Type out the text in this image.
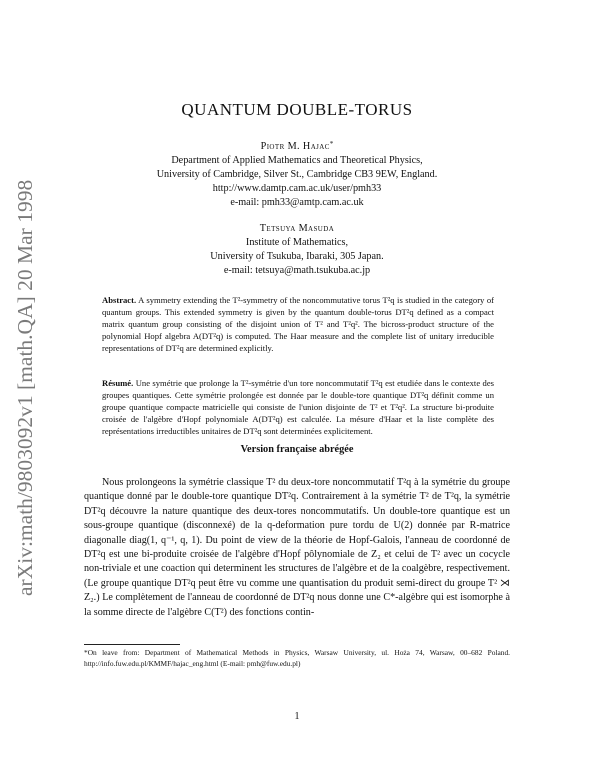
arXiv:math/9803092v1 [math.QA] 20 Mar 1998
QUANTUM DOUBLE-TORUS
Piotr M. Hajac*
Department of Applied Mathematics and Theoretical Physics,
University of Cambridge, Silver St., Cambridge CB3 9EW, England.
http://www.damtp.cam.ac.uk/user/pmh33
e-mail: pmh33@amtp.cam.ac.uk
Tetsuya Masuda
Institute of Mathematics,
University of Tsukuba, Ibaraki, 305 Japan.
e-mail: tetsuya@math.tsukuba.ac.jp
Abstract. A symmetry extending the T²-symmetry of the noncommutative torus T²q is studied in the category of quantum groups. This extended symmetry is given by the quantum double-torus DT²q defined as a compact matrix quantum group consisting of the disjoint union of T² and T²q². The bicross-product structure of the polynomial Hopf algebra A(DT²q) is computed. The Haar measure and the complete list of unitary irreducible representations of DT²q are determined explicitly.
Résumé. Une symétrie que prolonge la T²-symétrie d'un tore noncommutatif T²q est etudiée dans le contexte des groupes quantiques. Cette symétrie prolongée est donnée par le double-tore quantique DT²q définit comme un groupe quantique compacte matricielle qui consiste de l'union disjointe de T² et T²q². La structure bi-produite croisée de l'algèbre d'Hopf polynomiale A(DT²q) est calculée. La mésure d'Haar et la liste complète des représentations irreductibles unitaires de DT²q sont determinées explicitement.
Version française abrégée

Nous prolongeons la symétrie classique T² du deux-tore noncommutatif T²q à la symétrie du groupe quantique donné par le double-tore quantique DT²q. Contrairement à la symétrie T² de T²q, la symétrie DT²q découvre la nature quantique des deux-tores noncommutatifs. Un double-tore quantique est un sous-groupe quantique (disconnexé) de la q-deformation pure tordu de U(2) donnée par R-matrice diagonalle diag(1, q⁻¹, q, 1). Du point de view de la théorie de Hopf-Galois, l'anneau de coordonné de DT²q est une bi-produite croisée de l'algèbre d'Hopf pôlynomiale de Z₂ et celui de T² avec un cocycle non-triviale et une coaction qui determinent les structures de l'algèbre et de la coalgèbre, respectivement. (Le groupe quantique DT²q peut être vu comme une quantisation du produit semi-direct du groupe T² ⋊ Z₂.) Le complètement de l'anneau de coordonné de DT²q nous donne une C*-algèbre qui est isomorphe à la somme directe de l'algèbre C(T²) des fonctions contin-

*On leave from: Department of Mathematical Methods in Physics, Warsaw University, ul. Hoża 74, Warsaw, 00–682 Poland. http://info.fuw.edu.pl/KMMF/hajac_eng.html (E-mail: pmh@fuw.edu.pl)
1
